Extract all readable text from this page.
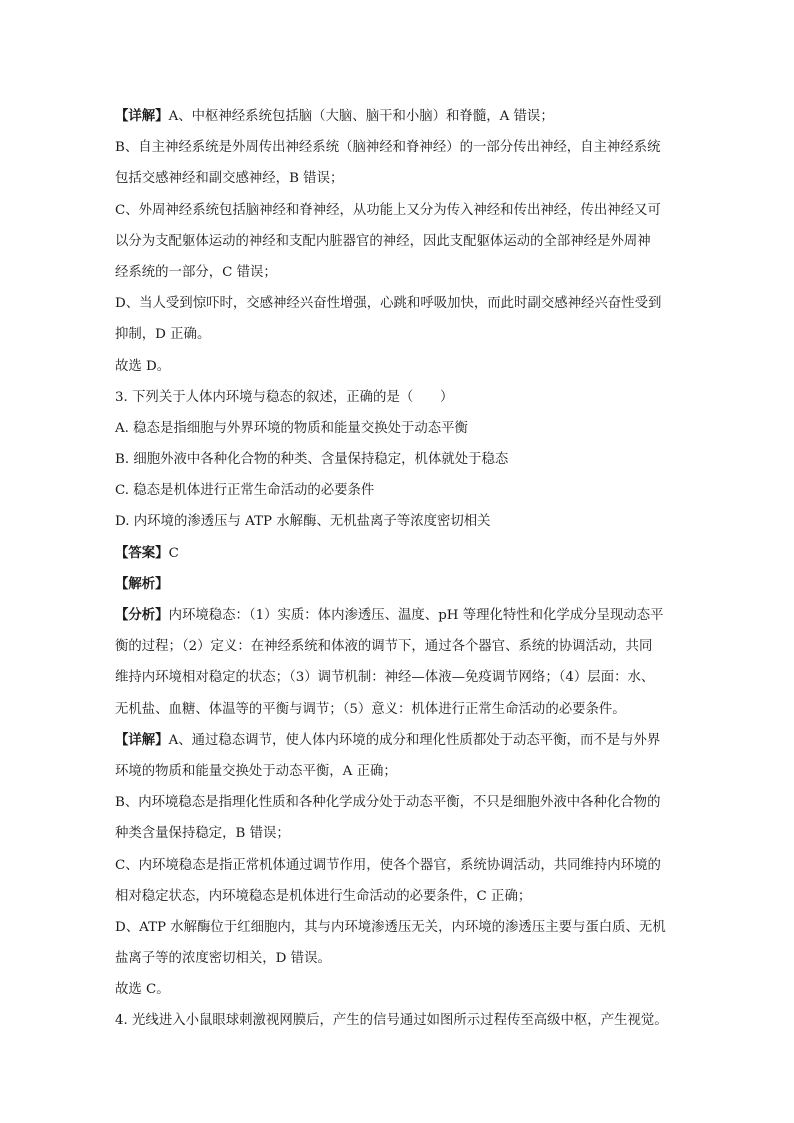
【详解】A、中枢神经系统包括脑（大脑、脑干和小脑）和脊髓，A 错误；
B、自主神经系统是外周传出神经系统（脑神经和脊神经）的一部分传出神经，自主神经系统
包括交感神经和副交感神经，B 错误；
C、外周神经系统包括脑神经和脊神经，从功能上又分为传入神经和传出神经，传出神经又可
以分为支配躯体运动的神经和支配内脏器官的神经，因此支配躯体运动的全部神经是外周神
经系统的一部分，C 错误；
D、当人受到惊吓时，交感神经兴奋性增强，心跳和呼吸加快，而此时副交感神经兴奋性受到
抑制，D 正确。
故选 D。
3. 下列关于人体内环境与稳态的叙述，正确的是（　　）
A. 稳态是指细胞与外界环境的物质和能量交换处于动态平衡
B. 细胞外液中各种化合物的种类、含量保持稳定，机体就处于稳态
C. 稳态是机体进行正常生命活动的必要条件
D. 内环境的渗透压与 ATP 水解酶、无机盐离子等浓度密切相关
【答案】C
【解析】
【分析】内环境稳态：（1）实质：体内渗透压、温度、pH 等理化特性和化学成分呈现动态平
衡的过程；（2）定义：在神经系统和体液的调节下，通过各个器官、系统的协调活动，共同
维持内环境相对稳定的状态；（3）调节机制：神经—体液—免疫调节网络；（4）层面：水、
无机盐、血糖、体温等的平衡与调节；（5）意义：机体进行正常生命活动的必要条件。
【详解】A、通过稳态调节，使人体内环境的成分和理化性质都处于动态平衡，而不是与外界
环境的物质和能量交换处于动态平衡，A 正确；
B、内环境稳态是指理化性质和各种化学成分处于动态平衡，不只是细胞外液中各种化合物的
种类含量保持稳定，B 错误；
C、内环境稳态是指正常机体通过调节作用，使各个器官，系统协调活动，共同维持内环境的
相对稳定状态，内环境稳态是机体进行生命活动的必要条件，C 正确；
D、ATP 水解酶位于红细胞内，其与内环境渗透压无关，内环境的渗透压主要与蛋白质、无机
盐离子等的浓度密切相关，D 错误。
故选 C。
4. 光线进入小鼠眼球刺激视网膜后，产生的信号通过如图所示过程传至高级中枢，产生视觉。
